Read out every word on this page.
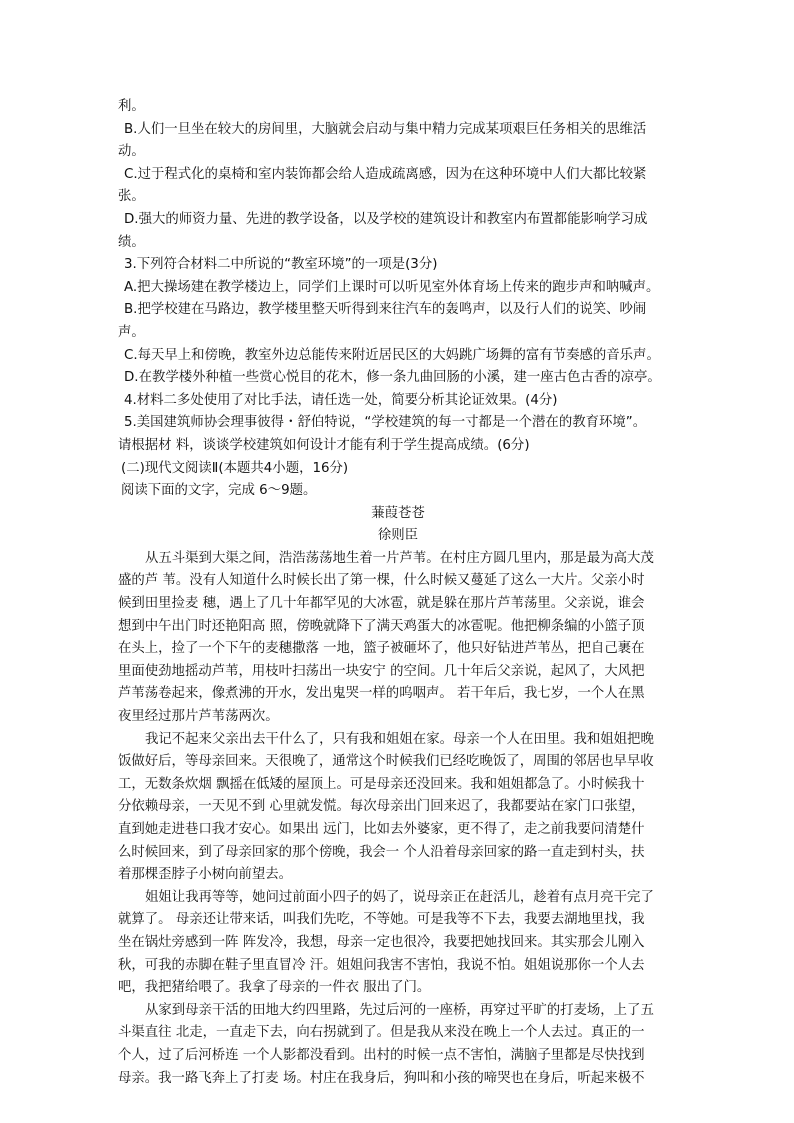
利。
B.人们一旦坐在较大的房间里，大脑就会启动与集中精力完成某项艰巨任务相关的思维活
动。
C.过于程式化的桌椅和室内装饰都会给人造成疏离感，因为在这种环境中人们大都比较紧
张。
D.强大的师资力量、先进的教学设备，以及学校的建筑设计和教室内布置都能影响学习成
绩。
3.下列符合材料二中所说的“教室环境”的一项是(3分)
A.把大操场建在教学楼边上，同学们上课时可以听见室外体育场上传来的跑步声和呐喊声。
B.把学校建在马路边，教学楼里整天听得到来往汽车的轰鸣声，以及行人们的说笑、吵闹
声。
C.每天早上和傍晚，教室外边总能传来附近居民区的大妈跳广场舞的富有节奏感的音乐声。
D.在教学楼外种植一些赏心悦目的花木，修一条九曲回肠的小溪，建一座古色古香的凉亭。
4.材料二多处使用了对比手法，请任选一处，简要分析其论证效果。(4分)
5.美国建筑师协会理事彼得・舒伯特说，“学校建筑的每一寸都是一个潜在的教育环境”。
请根据材 料，谈谈学校建筑如何设计才能有利于学生提高成绩。(6分)
(二)现代文阅读Ⅱ(本题共4小题，16分)
阅读下面的文字，完成 6～9题。
蒹葭苍苍
徐则臣
从五斗渠到大渠之间，浩浩荡荡地生着一片芦苇。在村庄方圆几里内，那是最为高大茂
盛的芦 苇。没有人知道什么时候长出了第一棵，什么时候又蔓延了这么一大片。父亲小时
候到田里捡麦 穗，遇上了几十年都罕见的大冰雹，就是躲在那片芦苇荡里。父亲说，谁会
想到中午出门时还艳阳高 照，傍晚就降下了满天鸡蛋大的冰雹呢。他把柳条编的小篮子顶
在头上，捡了一个下午的麦穗撒落 一地，篮子被砸坏了，他只好钻进芦苇丛，把自己裹在
里面使劲地摇动芦苇，用枝叶扫荡出一块安宁 的空间。几十年后父亲说，起风了，大风把
芦苇荡卷起来，像煮沸的开水，发出鬼哭一样的呜咽声。 若干年后，我七岁，一个人在黑
夜里经过那片芦苇荡两次。
我记不起来父亲出去干什么了，只有我和姐姐在家。母亲一个人在田里。我和姐姐把晚
饭做好后，等母亲回来。天很晚了，通常这个时候我们已经吃晚饭了，周围的邻居也早早收
工，无数条炊烟 飘摇在低矮的屋顶上。可是母亲还没回来。我和姐姐都急了。小时候我十
分依赖母亲，一天见不到 心里就发慌。每次母亲出门回来迟了，我都要站在家门口张望，
直到她走进巷口我才安心。如果出 远门，比如去外婆家，更不得了，走之前我要问清楚什
么时候回来，到了母亲回家的那个傍晚，我会一 个人沿着母亲回家的路一直走到村头，扶
着那棵歪脖子小树向前望去。
姐姐让我再等等，她问过前面小四子的妈了，说母亲正在赶活儿，趁着有点月亮干完了
就算了。 母亲还让带来话，叫我们先吃，不等她。可是我等不下去，我要去湖地里找，我
坐在锅灶旁感到一阵 阵发冷，我想，母亲一定也很冷，我要把她找回来。其实那会儿刚入
秋，可我的赤脚在鞋子里直冒冷 汗。姐姐问我害不害怕，我说不怕。姐姐说那你一个人去
吧，我把猪给喂了。我拿了母亲的一件衣 服出了门。
从家到母亲干活的田地大约四里路，先过后河的一座桥，再穿过平旷的打麦场，上了五
斗渠直往 北走，一直走下去，向右拐就到了。但是我从来没在晚上一个人去过。真正的一
个人，过了后河桥连 一个人影都没看到。出村的时候一点不害怕，满脑子里都是尽快找到
母亲。我一路飞奔上了打麦 场。村庄在我身后，狗叫和小孩的啼哭也在身后，听起来极不
